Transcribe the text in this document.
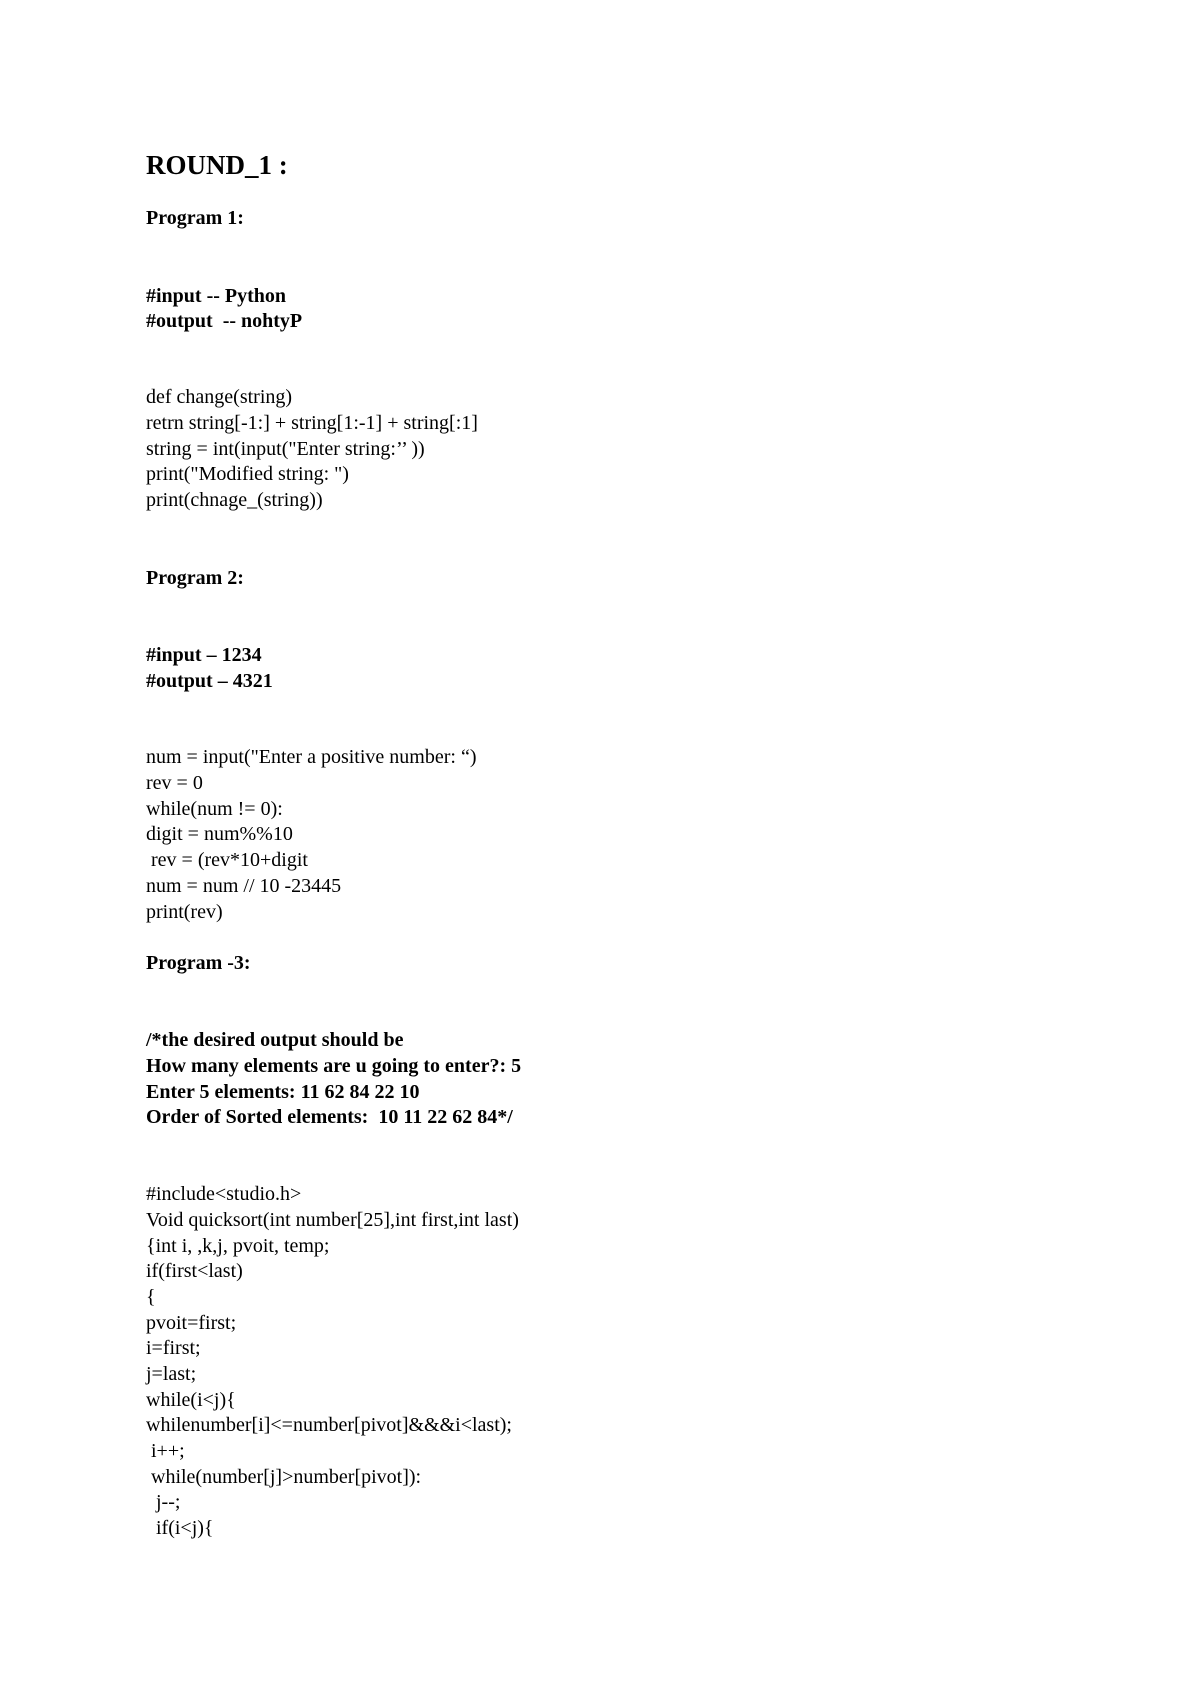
ROUND_1 :
Program 1:
#input -- Python
#output  -- nohtyP
def change(string)
retrn string[-1:] + string[1:-1] + string[:1]
string = int(input("Enter string:’’ ))
print("Modified string: ")
print(chnage_(string))
Program 2:
#input – 1234
#output – 4321
num = input("Enter a positive number: “)
rev = 0
while(num != 0):
digit = num%%10
rev = (rev*10+digit
num = num // 10 -23445
print(rev)
Program -3:
/*the desired output should be
How many elements are u going to enter?: 5
Enter 5 elements: 11 62 84 22 10
Order of Sorted elements:  10 11 22 62 84*/
#include<studio.h>
Void quicksort(int number[25],int first,int last)
{int i, ,k,j, pvoit, temp;
if(first<last)
{
pvoit=first;
i=first;
j=last;
while(i<j){
whilenumber[i]<=number[pivot]&&&i<last);
i++;
while(number[j]>number[pivot]):
j--;
if(i<j){
